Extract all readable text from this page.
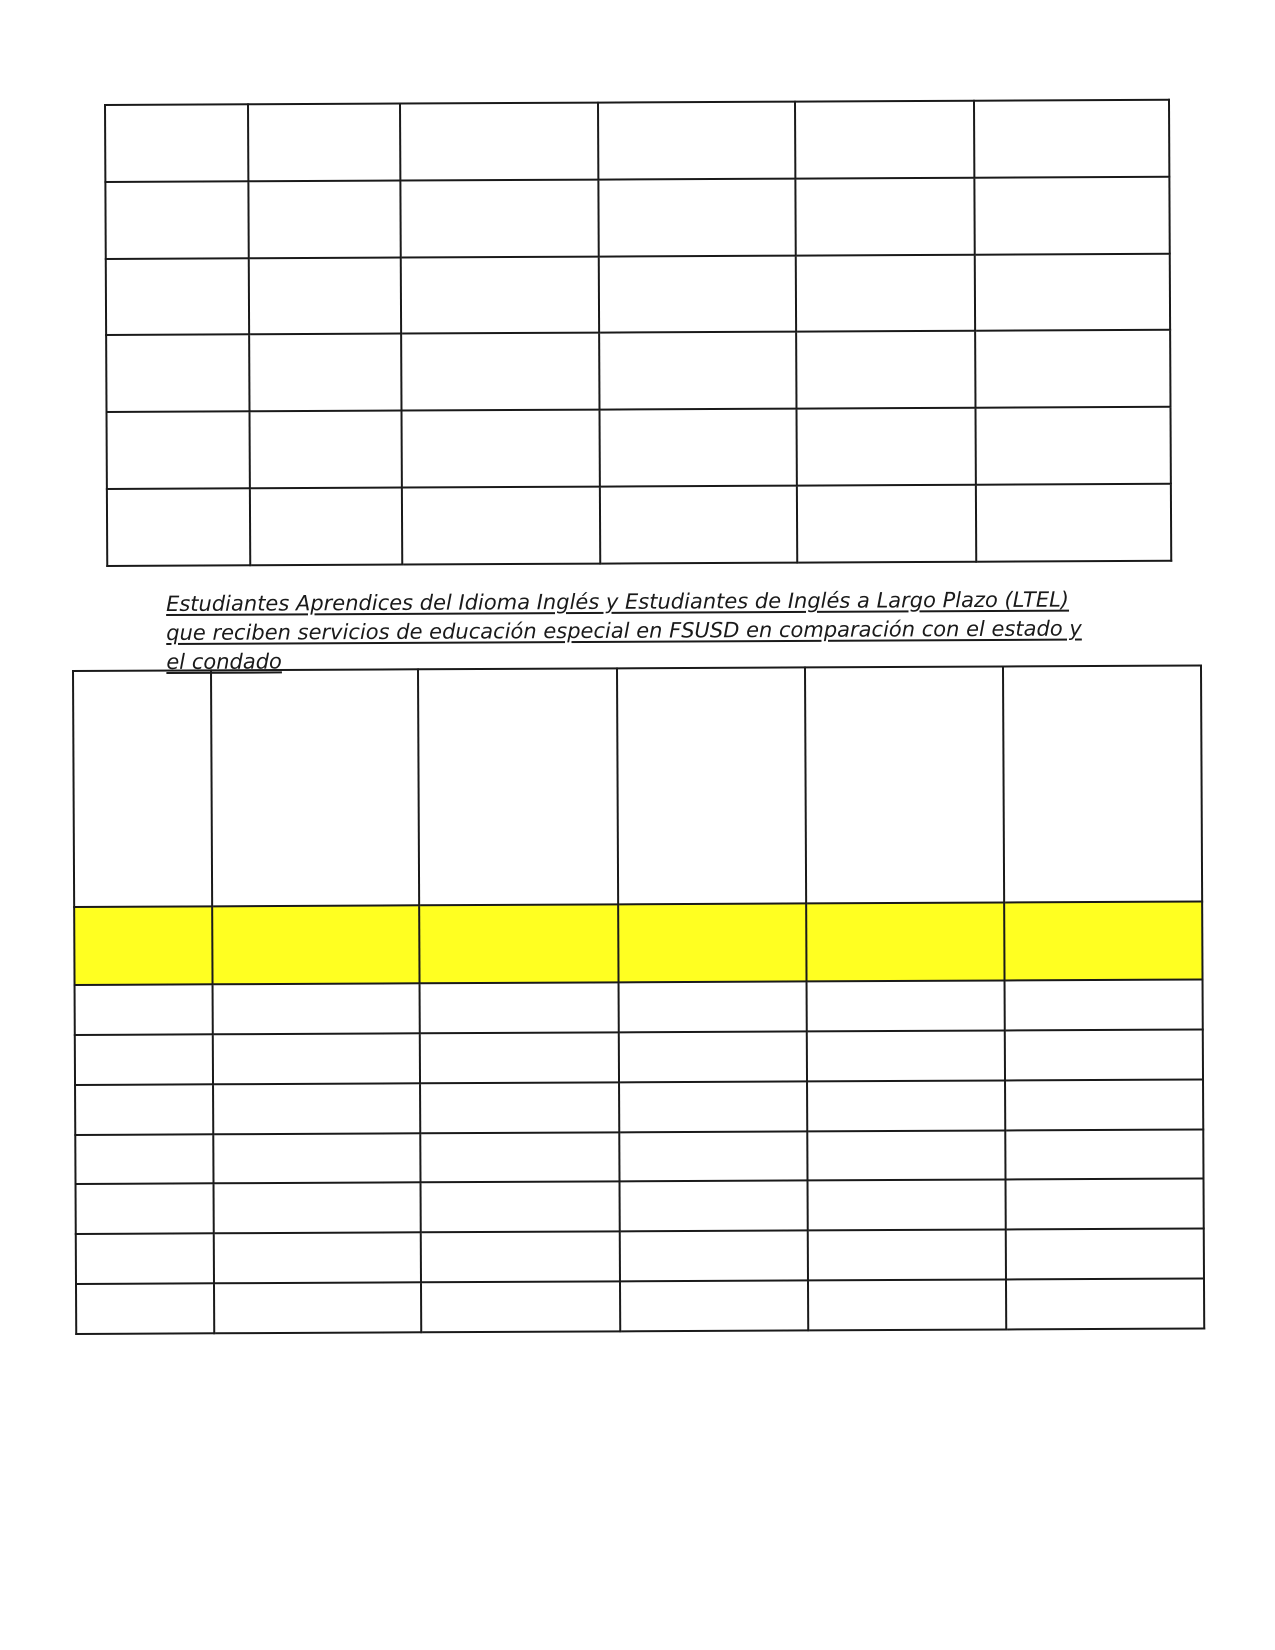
Estudiantes Aprendices del Idioma Inglés y Estudiantes de Inglés a Largo Plazo (LTEL)
que reciben servicios de educación especial en FSUSD en comparación con el estado y
el condado
